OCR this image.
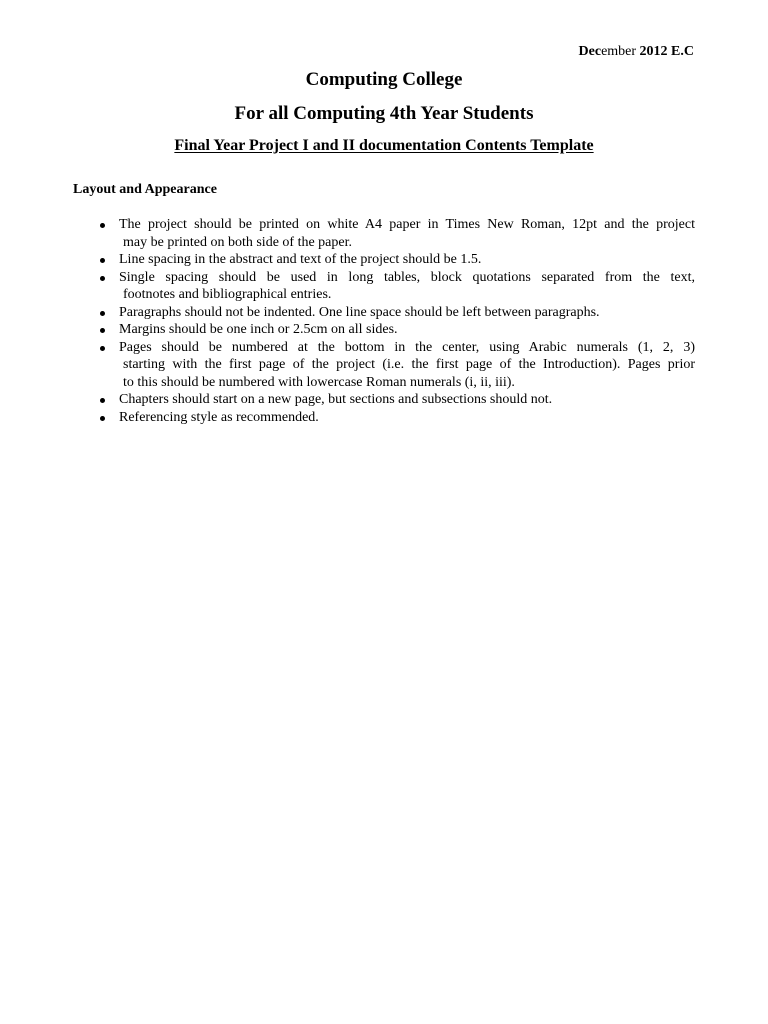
December 2012 E.C
Computing College
For all Computing 4th Year Students
Final Year Project I and II documentation Contents Template
Layout and Appearance
The project should be printed on white A4 paper in Times New Roman, 12pt and the project
may be printed on both side of the paper.
Line spacing in the abstract and text of the project should be 1.5.
Single spacing should be used in long tables, block quotations separated from the text,
footnotes and bibliographical entries.
Paragraphs should not be indented. One line space should be left between paragraphs.
Margins should be one inch or 2.5cm on all sides.
Pages should be numbered at the bottom in the center, using Arabic numerals (1, 2, 3)
starting with the first page of the project (i.e. the first page of the Introduction). Pages prior
to this should be numbered with lowercase Roman numerals (i, ii, iii).
Chapters should start on a new page, but sections and subsections should not.
Referencing style as recommended.
